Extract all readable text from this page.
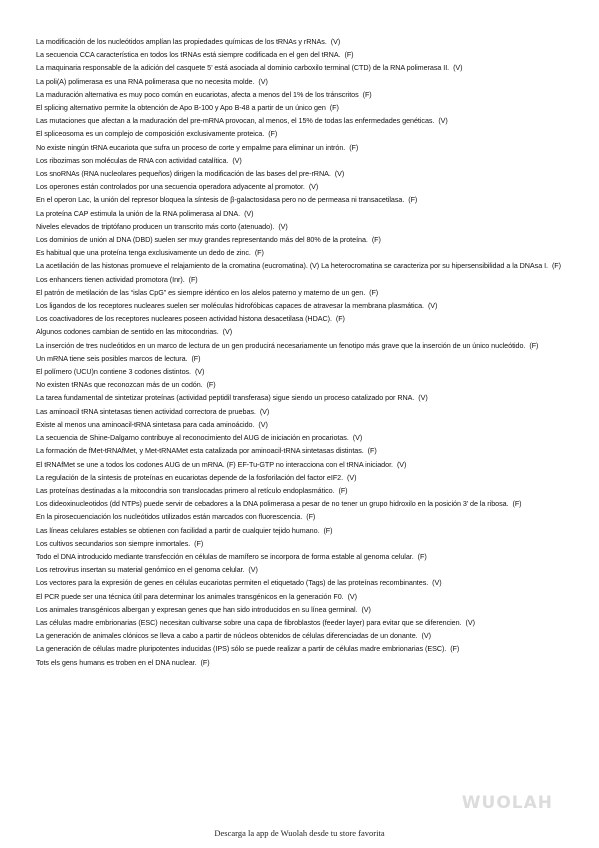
La modificación de los nucleótidos amplían las propiedades químicas de los tRNAs y rRNAs. (V)

La secuencia CCA característica en todos los tRNAs está siempre codificada en el gen del tRNA. (F)

La maquinaria responsable de la adición del casquete 5’ está asociada al dominio carboxilo terminal (CTD) de la RNA polimerasa II. (V)

La poli(A) polimerasa es una RNA polimerasa que no necesita molde. (V)

La maduración alternativa es muy poco común en eucariotas, afecta a menos del 1% de los tránscritos (F)

El splicing alternativo permite la obtención de Apo B-100 y Apo B-48 a partir de un único gen (F)

Las mutaciones que afectan a la maduración del pre-mRNA provocan, al menos, el 15% de todas las enfermedades genéticas. (V)

El spliceosoma es un complejo de composición exclusivamente proteica. (F)

No existe ningún tRNA eucariota que sufra un proceso de corte y empalme para eliminar un intrón. (F)

Los ribozimas son moléculas de RNA con actividad catalítica. (V)

Los snoRNAs (RNA nucleolares pequeños) dirigen la modificación de las bases del pre-rRNA. (V)

Los operones están controlados por una secuencia operadora adyacente al promotor. (V)

En el operon Lac, la unión del represor bloquea la síntesis de β-galactosidasa pero no de permeasa ni transacetilasa. (F)

La proteína CAP estimula la unión de la RNA polimerasa al DNA. (V)

Niveles elevados de triptófano producen un transcrito más corto (atenuado). (V)

Los dominios de unión al DNA (DBD) suelen ser muy grandes representando más del 80% de la proteína. (F)

Es habitual que una proteína tenga exclusivamente un dedo de zinc. (F)

La acetilación de las histonas promueve el relajamiento de la cromatina (eucromatina). (V) La heterocromatina se caracteriza por su hipersensibilidad a la DNAsa I. (F)

Los enhancers tienen actividad promotora (Inr). (F)

El patrón de metilación de las “islas CpG” es siempre idéntico en los alelos paterno y materno de un gen. (F)

Los ligandos de los receptores nucleares suelen ser moléculas hidrofóbicas capaces de atravesar la membrana plasmática. (V)

Los coactivadores de los receptores nucleares poseen actividad histona desacetilasa (HDAC). (F)

Algunos codones cambian de sentido en las mitocondrias. (V)

La inserción de tres nucleótidos en un marco de lectura de un gen producirá necesariamente un fenotipo más grave que la inserción de un único nucleótido. (F)

Un mRNA tiene seis posibles marcos de lectura. (F)

El polímero (UCU)n contiene 3 codones distintos. (V)

No existen tRNAs que reconozcan más de un codón. (F)

La tarea fundamental de sintetizar proteínas (actividad peptidil transferasa) sigue siendo un proceso catalizado por RNA. (V)

Las aminoacil tRNA sintetasas tienen actividad correctora de pruebas. (V)

Existe al menos una aminoacil-tRNA sintetasa para cada aminoácido. (V)

La secuencia de Shine-Dalgarno contribuye al reconocimiento del AUG de iniciación en procariotas. (V)

La formación de fMet-tRNAfMet, y Met-tRNAMet esta catalizada por aminoacil-tRNA sintetasas distintas. (F)

El tRNAfMet se une a todos los codones AUG de un mRNA. (F) EF-Tu-GTP no interacciona con el tRNA iniciador. (V)

La regulación de la síntesis de proteínas en eucariotas depende de la fosforilación del factor eIF2. (V)

Las proteínas destinadas a la mitocondria son translocadas primero al retículo endoplasmático. (F)

Los dideoxinucleotidos (dd NTPs) puede servir de cebadores a la DNA polimerasa a pesar de no tener un grupo hidroxilo en la posición 3’ de la ribosa. (F)

En la pirosecuenciación los nucleótidos utilizados están marcados con fluorescencia. (F)

Las líneas celulares estables se obtienen con facilidad a partir de cualquier tejido humano. (F)

Los cultivos secundarios son siempre inmortales. (F)

Todo el DNA introducido mediante transfección en células de mamífero se incorpora de forma estable al genoma celular. (F)

Los retrovirus insertan su material genómico en el genoma celular. (V)

Los vectores para la expresión de genes en células eucariotas permiten el etiquetado (Tags) de las proteínas recombinantes. (V)

El PCR puede ser una técnica útil para determinar los animales transgénicos en la generación F0. (V)

Los animales transgénicos albergan y expresan genes que han sido introducidos en su línea germinal. (V)

Las células madre embrionarias (ESC) necesitan cultivarse sobre una capa de fibroblastos (feeder layer) para evitar que se diferencien. (V)

La generación de animales clónicos se lleva a cabo a partir de núcleos obtenidos de células diferenciadas de un donante. (V)

La generación de células madre pluripotentes inducidas (IPS) sólo se puede realizar a partir de células madre embrionarias (ESC). (F)

Tots els gens humans es troben en el DNA nuclear. (F)

WUOLAH
Descarga la app de Wuolah desde tu store favorita
